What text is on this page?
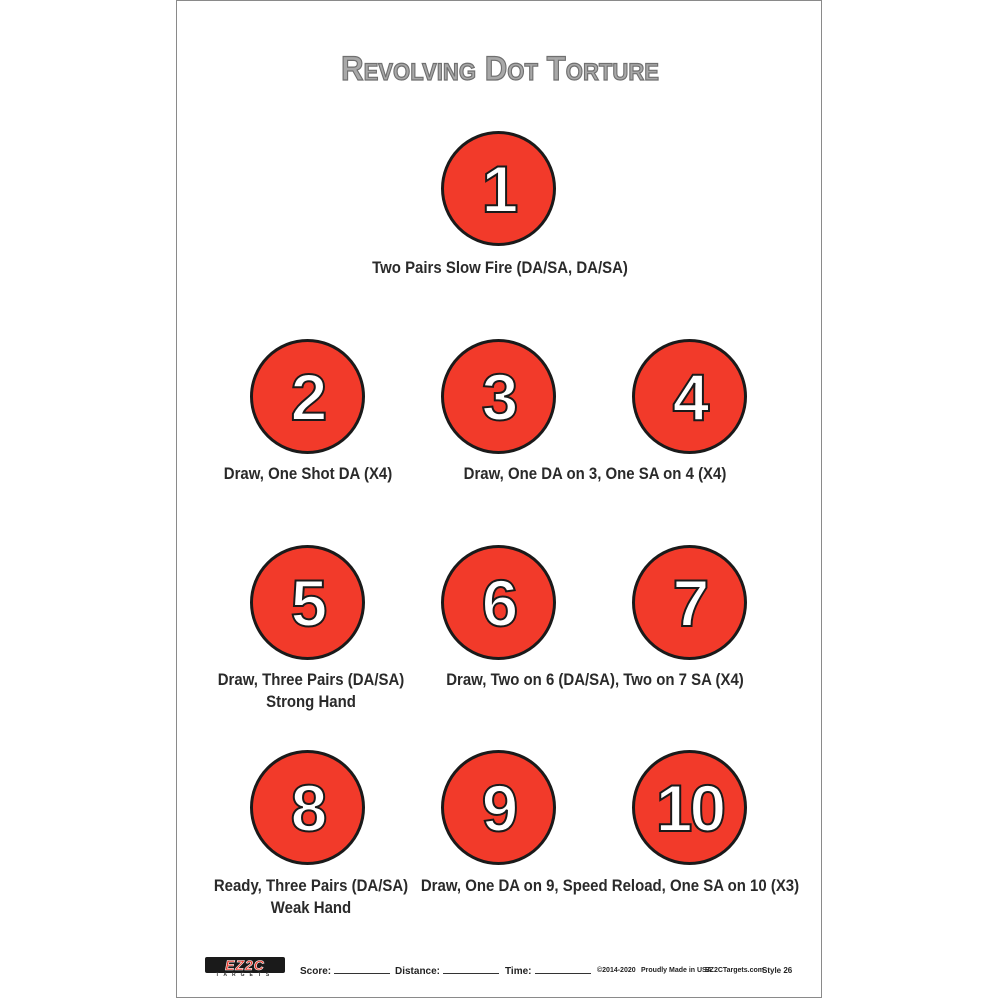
Revolving Dot Torture
1
Two Pairs Slow Fire (DA/SA, DA/SA)
2 3 4
Draw, One Shot DA (X4)	Draw, One DA on 3, One SA on 4 (X4)
5 6 7
Draw, Three Pairs (DA/SA)
Strong Hand
Draw, Two on 6 (DA/SA), Two on 7 SA (X4)
8 9 10
Ready, Three Pairs (DA/SA)
Weak Hand
Draw, One DA on 9, Speed Reload, One SA on 10 (X3)
EZ2C
TARGETS	Score:	Distance:	Time:	©2014-2020 Proudly Made in USA
EZ2CTargets.com
Style 26
